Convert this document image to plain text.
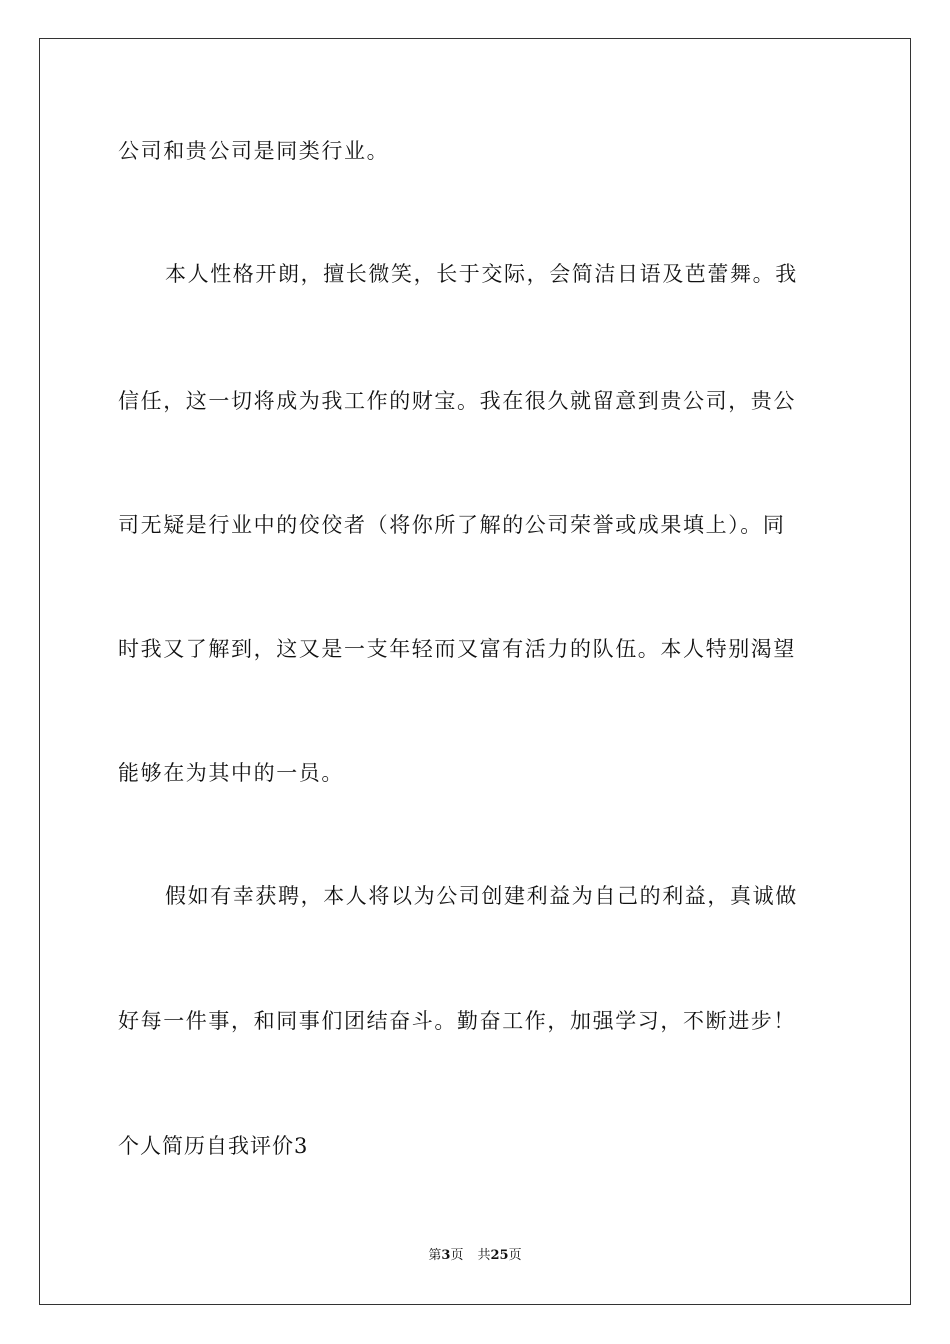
公司和贵公司是同类行业。
本人性格开朗，擅长微笑，长于交际，会简洁日语及芭蕾舞。我
信任，这一切将成为我工作的财宝。我在很久就留意到贵公司，贵公
司无疑是行业中的佼佼者（将你所了解的公司荣誉或成果填上）。同
时我又了解到，这又是一支年轻而又富有活力的队伍。本人特别渴望
能够在为其中的一员。
假如有幸获聘，本人将以为公司创建利益为自己的利益，真诚做
好每一件事，和同事们团结奋斗。勤奋工作，加强学习，不断进步！
个人简历自我评价3
第3页 共25页
